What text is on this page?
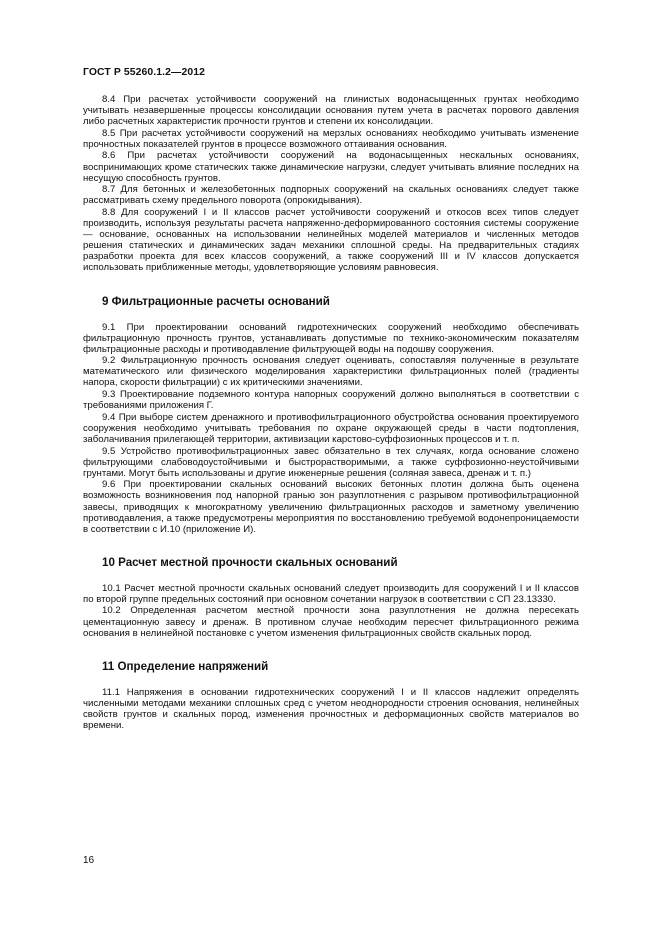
ГОСТ Р 55260.1.2—2012

8.4 При расчетах устойчивости сооружений на глинистых водонасыщенных грунтах необходимо учитывать незавершенные процессы консолидации основания путем учета в расчетах порового давления либо расчетных характеристик прочности грунтов и степени их консолидации.

8.5 При расчетах устойчивости сооружений на мерзлых основаниях необходимо учитывать изменение прочностных показателей грунтов в процессе возможного оттаивания основания.

8.6 При расчетах устойчивости сооружений на водонасыщенных нескальных основаниях, воспринимающих кроме статических также динамические нагрузки, следует учитывать влияние последних на несущую способность грунтов.

8.7 Для бетонных и железобетонных подпорных сооружений на скальных основаниях следует также рассматривать схему предельного поворота (опрокидывания).

8.8 Для сооружений I и II классов расчет устойчивости сооружений и откосов всех типов следует производить, используя результаты расчета напряженно-деформированного состояния системы сооружение — основание, основанных на использовании нелинейных моделей материалов и численных методов решения статических и динамических задач механики сплошной среды. На предварительных стадиях разработки проекта для всех классов сооружений, а также сооружений III и IV классов допускается использовать приближенные методы, удовлетворяющие условиям равновесия.

9 Фильтрационные расчеты оснований

9.1 При проектировании оснований гидротехнических сооружений необходимо обеспечивать фильтрационную прочность грунтов, устанавливать допустимые по технико-экономическим показателям фильтрационные расходы и противодавление фильтрующей воды на подошву сооружения.

9.2 Фильтрационную прочность основания следует оценивать, сопоставляя полученные в результате математического или физического моделирования характеристики фильтрационных полей (градиенты напора, скорости фильтрации) с их критическими значениями.

9.3 Проектирование подземного контура напорных сооружений должно выполняться в соответствии с требованиями приложения Г.

9.4 При выборе систем дренажного и противофильтрационного обустройства основания проектируемого сооружения необходимо учитывать требования по охране окружающей среды в части подтопления, заболачивания прилегающей территории, активизации карстово-суффозионных процессов и т. п.

9.5 Устройство противофильтрационных завес обязательно в тех случаях, когда основание сложено фильтрующими слабоводоустойчивыми и быстрорастворимыми, а также суффозионно-неустойчивыми грунтами. Могут быть использованы и другие инженерные решения (соляная завеса, дренаж и т. п.)

9.6 При проектировании скальных оснований высоких бетонных плотин должна быть оценена возможность возникновения под напорной гранью зон разуплотнения с разрывом противофильтрационной завесы, приводящих к многократному увеличению фильтрационных расходов и заметному увеличению противодавления, а также предусмотрены мероприятия по восстановлению требуемой водонепроницаемости в соответствии с И.10 (приложение И).

10 Расчет местной прочности скальных оснований

10.1 Расчет местной прочности скальных оснований следует производить для сооружений I и II классов по второй группе предельных состояний при основном сочетании нагрузок в соответствии с СП 23.13330.

10.2 Определенная расчетом местной прочности зона разуплотнения не должна пересекать цементационную завесу и дренаж. В противном случае необходим пересчет фильтрационного режима основания в нелинейной постановке с учетом изменения фильтрационных свойств скальных пород.

11 Определение напряжений

11.1 Напряжения в основании гидротехнических сооружений I и II классов надлежит определять численными методами механики сплошных сред с учетом неоднородности строения основания, нелинейных свойств грунтов и скальных пород, изменения прочностных и деформационных свойств материалов во времени.

16
